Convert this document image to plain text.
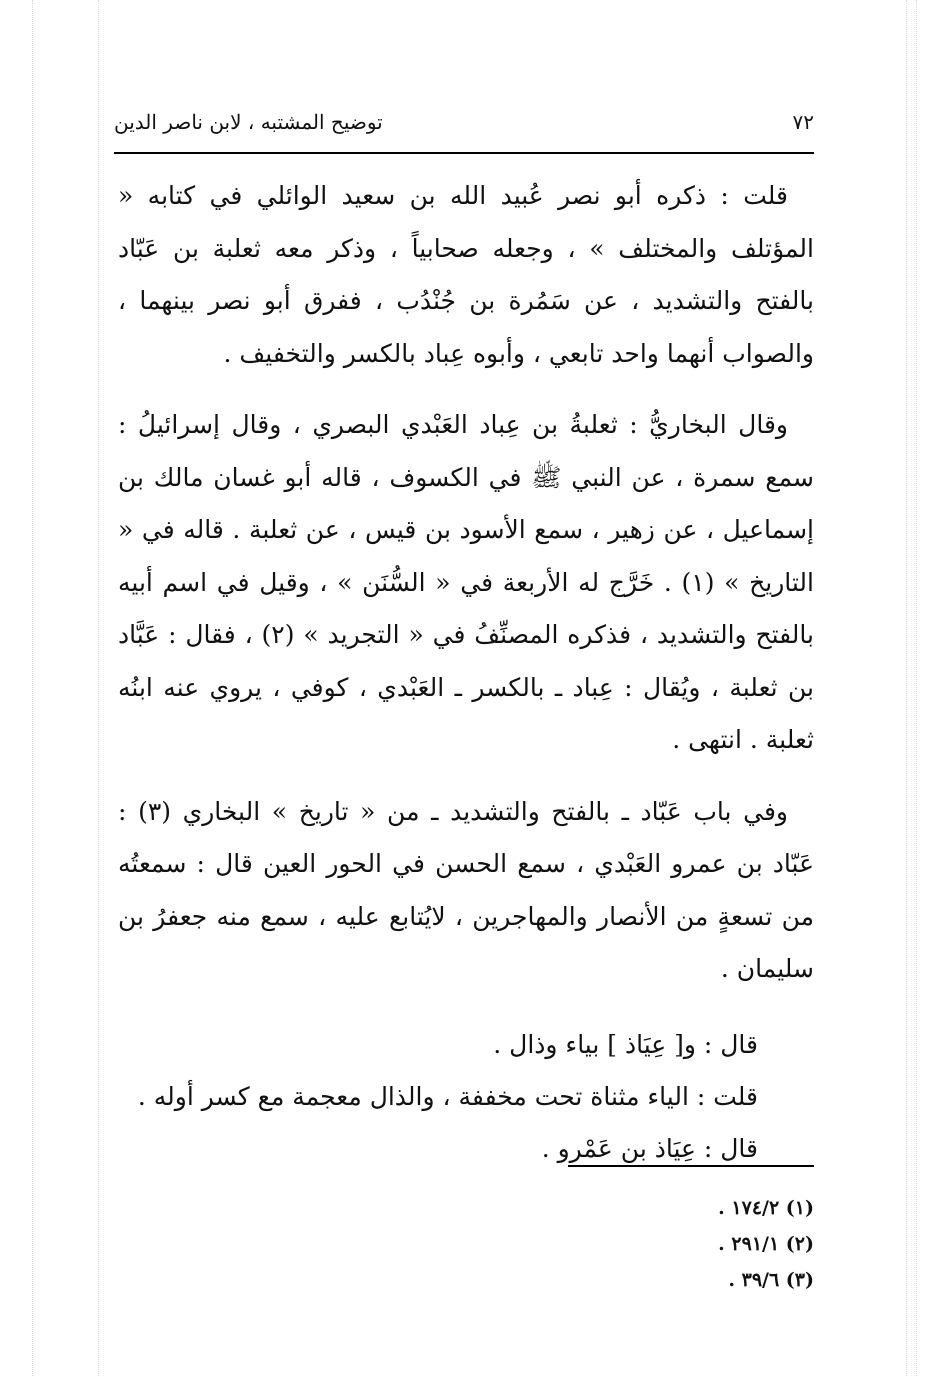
٧٢
توضيح المشتبه ، لابن ناصر الدين

قلت : ذكره أبو نصر عُبيد الله بن سعيد الوائلي في كتابه « المؤتلف والمختلف » ، وجعله صحابياً ، وذكر معه ثعلبة بن عَبّاد بالفتح والتشديد ، عن سَمُرة بن جُنْدُب ، ففرق أبو نصر بينهما ، والصواب أنهما واحد تابعي ، وأبوه عِباد بالكسر والتخفيف .

وقال البخاريُّ : ثعلبةُ بن عِباد العَبْدي البصري ، وقال إسرائيلُ : سمع سمرة ، عن النبي ﷺ في الكسوف ، قاله أبو غسان مالك بن إسماعيل ، عن زهير ، سمع الأسود بن قيس ، عن ثعلبة . قاله في « التاريخ » (١) . خَرَّج له الأربعة في « السُّنَن » ، وقيل في اسم أبيه بالفتح والتشديد ، فذكره المصنِّفُ في « التجريد » (٢) ، فقال : عَبَّاد بن ثعلبة ، ويُقال : عِباد ـ بالكسر ـ العَبْدي ، كوفي ، يروي عنه ابنُه ثعلبة . انتهى .

وفي باب عَبّاد ـ بالفتح والتشديد ـ من « تاريخ » البخاري (٣) : عَبّاد بن عمرو العَبْدي ، سمع الحسن في الحور العين قال : سمعتُه من تسعةٍ من الأنصار والمهاجرين ، لايُتابع عليه ، سمع منه جعفرُ بن سليمان .

قال : و[ عِيَاذ ] بياء وذال .

قلت : الياء مثناة تحت مخففة ، والذال معجمة مع كسر أوله .

قال : عِيَاذ بن عَمْرو .

(١) ١٧٤/٢ .

(٢) ٢٩١/١ .

(٣) ٣٩/٦ .
